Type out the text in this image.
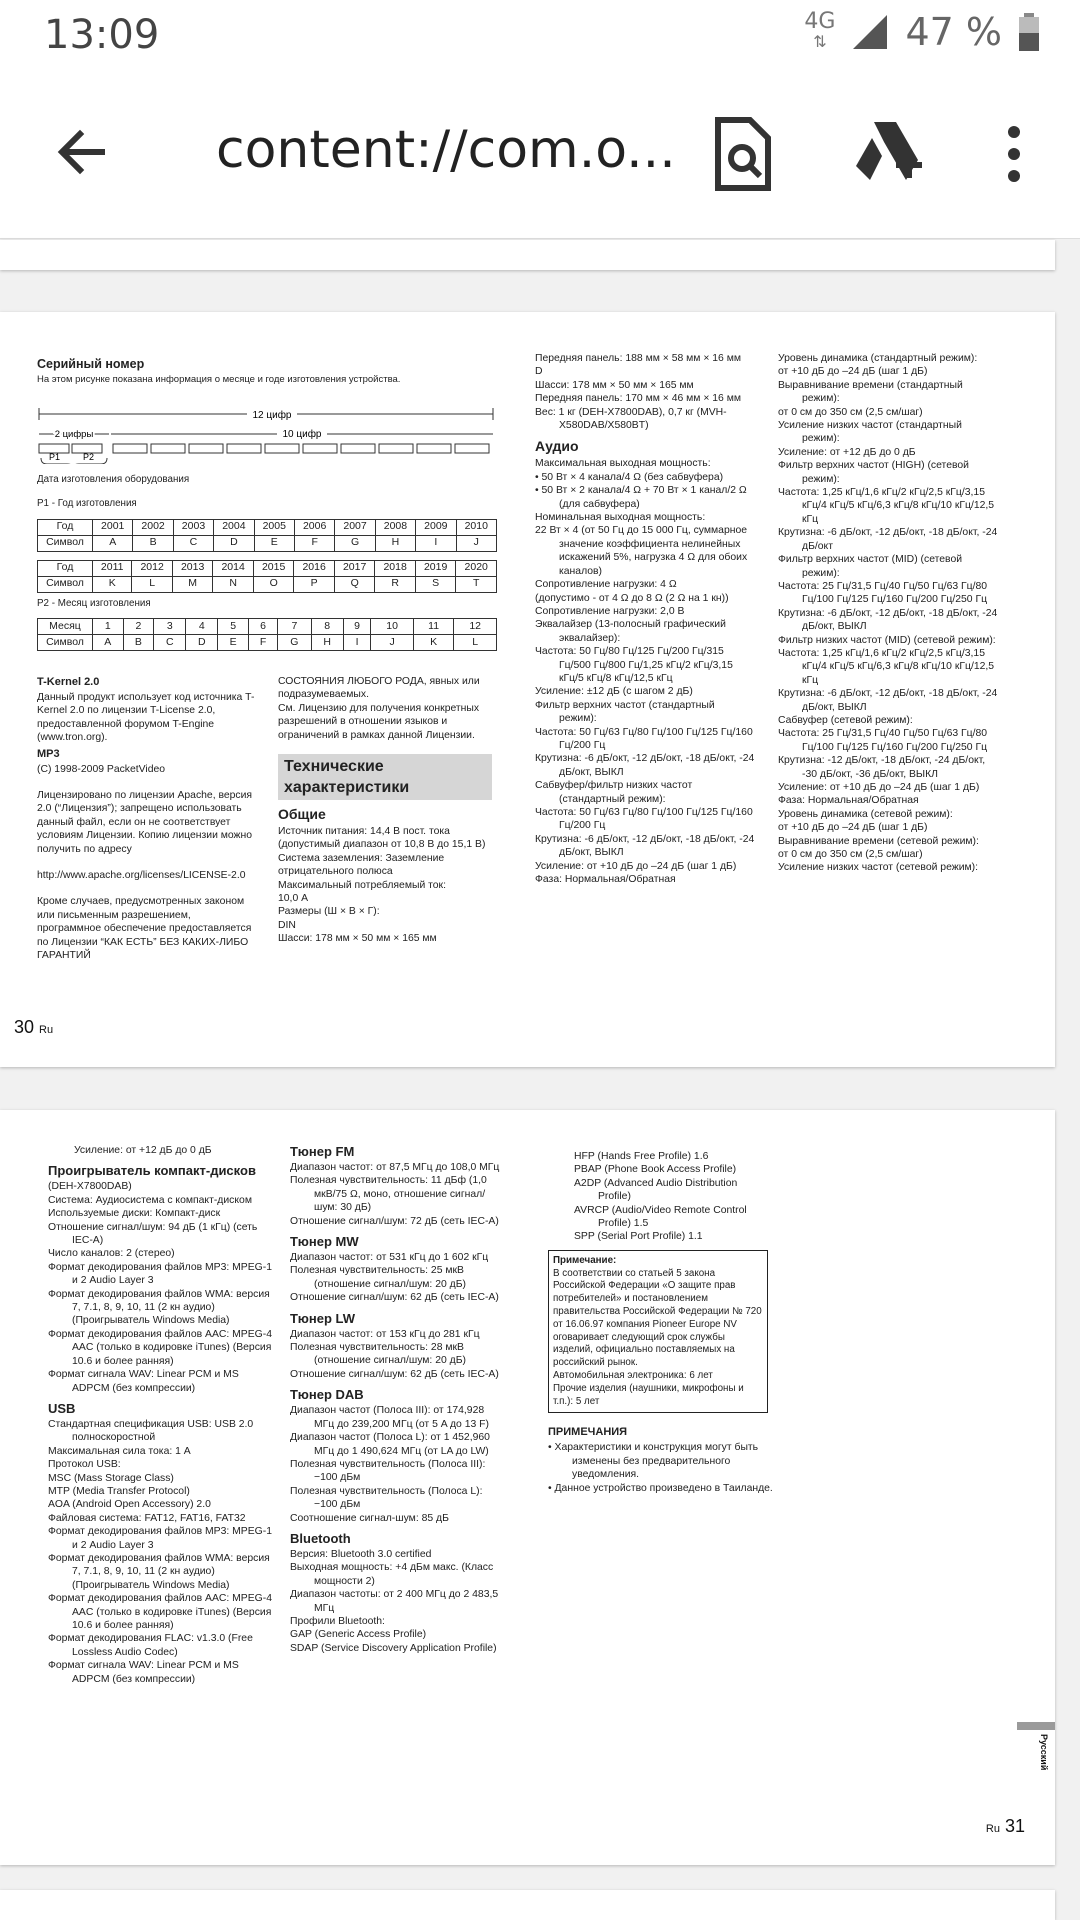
13:09	4G
⇅ 47 %
content://com.o...
Серийный номер
На этом рисунке показана информация о месяце и годе изготовления устройства.
12 цифр
2 цифры	10 цифр
P1	P2
Дата изготовления оборудования
P1 - Год изготовления
Год	2001	2002	2003	2004	2005	2006	2007	2008	2009	2010
Символ	A	B	C	D	E	F	G	H	I	J
Год	2011	2012	2013	2014	2015	2016	2017	2018	2019	2020
Символ	K	L	M	N	O	P	Q	R	S	T
P2 - Месяц изготовления
Месяц	1	2	3	4	5	6	7	8	9	10	11	12
Символ	A	B	C	D	E	F	G	H	I	J	K	L
T-Kernel 2.0
Данный продукт использует код источника T-Kernel 2.0 по лицензии T-License 2.0, предоставленной форумом T-Engine (www.tron.org).
MP3
(C) 1998-2009 PacketVideo
Лицензировано по лицензии Apache, версия 2.0 (“Лицензия”); запрещено использовать данный файл, если он не соответствует условиям Лицензии. Копию лицензии можно получить по адресу
http://www.apache.org/licenses/LICENSE-2.0
Кроме случаев, предусмотренных законом или письменным разрешением, программное обеспечение предоставляется по Лицензии “КАК ЕСТЬ” БЕЗ КАКИХ-ЛИБО ГАРАНТИЙ
СОСТОЯНИЯ ЛЮБОГО РОДА, явных или подразумеваемых.
См. Лицензию для получения конкретных разрешений в отношении языков и ограничений в рамках данной Лицензии.
Технические характеристики
Общие
Источник питания: 14,4 В пост. тока
(допустимый диапазон от 10,8 В до 15,1 В)
Система заземления: Заземление
отрицательного полюса
Максимальный потребляемый ток:
10,0 А
Размеры (Ш × В × Г):
DIN
Шасси: 178 мм × 50 мм × 165 мм
Передняя панель: 188 мм × 58 мм × 16 мм
D
Шасси: 178 мм × 50 мм × 165 мм
Передняя панель: 170 мм × 46 мм × 16 мм
Вес: 1 кг (DEH-X7800DAB), 0,7 кг (MVH-X580DAB/X580BT)
Аудио
Максимальная выходная мощность:
• 50 Вт × 4 канала/4 Ω (без сабвуфера)
• 50 Вт × 2 канала/4 Ω + 70 Вт × 1 канал/2 Ω (для сабвуфера)
Номинальная выходная мощность:
22 Вт × 4 (от 50 Гц до 15 000 Гц, суммарное значение коэффициента нелинейных искажений 5%, нагрузка 4 Ω для обоих каналов)
Сопротивление нагрузки: 4 Ω
(допустимо - от 4 Ω до 8 Ω (2 Ω на 1 кн))
Сопротивление нагрузки: 2,0 В
Эквалайзер (13-полосный графический эквалайзер):
Частота: 50 Гц/80 Гц/125 Гц/200 Гц/315 Гц/500 Гц/800 Гц/1,25 кГц/2 кГц/3,15 кГц/5 кГц/8 кГц/12,5 кГц
Усиление: ±12 дБ (с шагом 2 дБ)
Фильтр верхних частот (стандартный режим):
Частота: 50 Гц/63 Гц/80 Гц/100 Гц/125 Гц/160 Гц/200 Гц
Крутизна: -6 дБ/окт, -12 дБ/окт, -18 дБ/окт, -24 дБ/окт, ВЫКЛ
Сабвуфер/фильтр низких частот (стандартный режим):
Частота: 50 Гц/63 Гц/80 Гц/100 Гц/125 Гц/160 Гц/200 Гц
Крутизна: -6 дБ/окт, -12 дБ/окт, -18 дБ/окт, -24 дБ/окт, ВЫКЛ
Усиление: от +10 дБ до –24 дБ (шаг 1 дБ)
Фаза: Нормальная/Обратная
Уровень динамика (стандартный режим):
от +10 дБ до –24 дБ (шаг 1 дБ)
Выравнивание времени (стандартный режим):
от 0 см до 350 см (2,5 см/шаг)
Усиление низких частот (стандартный режим):
Усиление: от +12 дБ до 0 дБ
Фильтр верхних частот (HIGH) (сетевой режим):
Частота: 1,25 кГц/1,6 кГц/2 кГц/2,5 кГц/3,15 кГц/4 кГц/5 кГц/6,3 кГц/8 кГц/10 кГц/12,5 кГц
Крутизна: -6 дБ/окт, -12 дБ/окт, -18 дБ/окт, -24 дБ/окт
Фильтр верхних частот (MID) (сетевой режим):
Частота: 25 Гц/31,5 Гц/40 Гц/50 Гц/63 Гц/80 Гц/100 Гц/125 Гц/160 Гц/200 Гц/250 Гц
Крутизна: -6 дБ/окт, -12 дБ/окт, -18 дБ/окт, -24 дБ/окт, ВЫКЛ
Фильтр низких частот (MID) (сетевой режим):
Частота: 1,25 кГц/1,6 кГц/2 кГц/2,5 кГц/3,15 кГц/4 кГц/5 кГц/6,3 кГц/8 кГц/10 кГц/12,5 кГц
Крутизна: -6 дБ/окт, -12 дБ/окт, -18 дБ/окт, -24 дБ/окт, ВЫКЛ
Сабвуфер (сетевой режим):
Частота: 25 Гц/31,5 Гц/40 Гц/50 Гц/63 Гц/80 Гц/100 Гц/125 Гц/160 Гц/200 Гц/250 Гц
Крутизна: -12 дБ/окт, -18 дБ/окт, -24 дБ/окт, -30 дБ/окт, -36 дБ/окт, ВЫКЛ
Усиление: от +10 дБ до –24 дБ (шаг 1 дБ)
Фаза: Нормальная/Обратная
Уровень динамика (сетевой режим):
от +10 дБ до –24 дБ (шаг 1 дБ)
Выравнивание времени (сетевой режим):
от 0 см до 350 см (2,5 см/шаг)
Усиление низких частот (сетевой режим):
30 Ru
Усиление: от +12 дБ до 0 дБ
Проигрыватель компакт-дисков
(DEH-X7800DAB)
Система: Аудиосистема с компакт-диском
Используемые диски: Компакт-диск
Отношение сигнал/шум: 94 дБ (1 кГц) (сеть IEC-A)
Число каналов: 2 (стерео)
Формат декодирования файлов MP3: MPEG-1 и 2 Audio Layer 3
Формат декодирования файлов WMA: версия 7, 7.1, 8, 9, 10, 11 (2 кн аудио) (Проигрыватель Windows Media)
Формат декодирования файлов AAC: MPEG-4 AAC (только в кодировке iTunes) (Версия 10.6 и более ранняя)
Формат сигнала WAV: Linear PCM и MS ADPCM (без компрессии)
USB
Стандартная спецификация USB: USB 2.0 полноскоростной
Максимальная сила тока: 1 А
Протокол USB:
MSC (Mass Storage Class)
MTP (Media Transfer Protocol)
AOA (Android Open Accessory) 2.0
Файловая система: FAT12, FAT16, FAT32
Формат декодирования файлов MP3: MPEG-1 и 2 Audio Layer 3
Формат декодирования файлов WMA: версия 7, 7.1, 8, 9, 10, 11 (2 кн аудио) (Проигрыватель Windows Media)
Формат декодирования файлов AAC: MPEG-4 AAC (только в кодировке iTunes) (Версия 10.6 и более ранняя)
Формат декодирования FLAC: v1.3.0 (Free Lossless Audio Codec)
Формат сигнала WAV: Linear PCM и MS ADPCM (без компрессии)
Тюнер FM
Диапазон частот: от 87,5 МГц до 108,0 МГц
Полезная чувствительность: 11 дБф (1,0 мкВ/75 Ω, моно, отношение сигнал/шум: 30 дБ)
Отношение сигнал/шум: 72 дБ (сеть IEC-A)
Тюнер MW
Диапазон частот: от 531 кГц до 1 602 кГц
Полезная чувствительность: 25 мкВ (отношение сигнал/шум: 20 дБ)
Отношение сигнал/шум: 62 дБ (сеть IEC-A)
Тюнер LW
Диапазон частот: от 153 кГц до 281 кГц
Полезная чувствительность: 28 мкВ (отношение сигнал/шум: 20 дБ)
Отношение сигнал/шум: 62 дБ (сеть IEC-A)
Тюнер DAB
Диапазон частот (Полоса III): от 174,928 МГц до 239,200 МГц (от 5 A до 13 F)
Диапазон частот (Полоса L): от 1 452,960 МГц до 1 490,624 МГц (от LA до LW)
Полезная чувствительность (Полоса III): −100 дБм
Полезная чувствительность (Полоса L): −100 дБм
Соотношение сигнал-шум: 85 дБ
Bluetooth
Версия: Bluetooth 3.0 certified
Выходная мощность: +4 дБм макс. (Класс мощности 2)
Диапазон частоты: от 2 400 МГц до 2 483,5 МГц
Профили Bluetooth:
GAP (Generic Access Profile)
SDAP (Service Discovery Application Profile)
HFP (Hands Free Profile) 1.6
PBAP (Phone Book Access Profile)
A2DP (Advanced Audio Distribution Profile)
AVRCP (Audio/Video Remote Control Profile) 1.5
SPP (Serial Port Profile) 1.1
Примечание:
В соответствии со статьей 5 закона Российской Федерации «О защите прав потребителей» и постановлением правительства Российской Федерации № 720 от 16.06.97 компания Pioneer Europe NV оговаривает следующий срок службы изделий, официально поставляемых на российский рынок.
Автомобильная электроника: 6 лет
Прочие изделия (наушники, микрофоны и т.п.): 5 лет
ПРИМЕЧАНИЯ
• Характеристики и конструкция могут быть изменены без предварительного уведомления.
• Данное устройство произведено в Таиланде.
Русский
Ru 31
